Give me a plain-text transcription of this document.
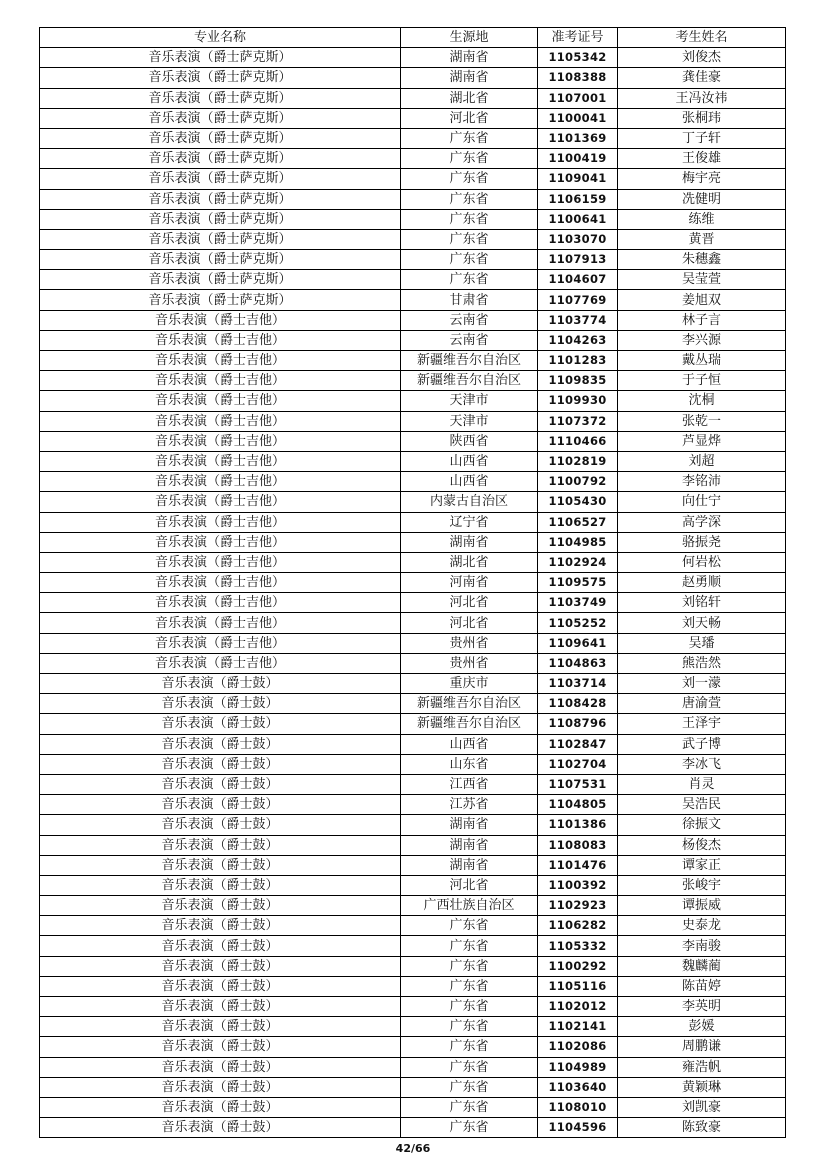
专业名称	生源地	准考证号	考生姓名
音乐表演（爵士萨克斯）	湖南省	1105342	刘俊杰
音乐表演（爵士萨克斯）	湖南省	1108388	龚佳豪
音乐表演（爵士萨克斯）	湖北省	1107001	王冯汝祎
音乐表演（爵士萨克斯）	河北省	1100041	张桐玮
音乐表演（爵士萨克斯）	广东省	1101369	丁子轩
音乐表演（爵士萨克斯）	广东省	1100419	王俊雄
音乐表演（爵士萨克斯）	广东省	1109041	梅宇亮
音乐表演（爵士萨克斯）	广东省	1106159	冼健明
音乐表演（爵士萨克斯）	广东省	1100641	练维
音乐表演（爵士萨克斯）	广东省	1103070	黄晋
音乐表演（爵士萨克斯）	广东省	1107913	朱穗鑫
音乐表演（爵士萨克斯）	广东省	1104607	吴莹萱
音乐表演（爵士萨克斯）	甘肃省	1107769	姜旭双
音乐表演（爵士吉他）	云南省	1103774	林子言
音乐表演（爵士吉他）	云南省	1104263	李兴源
音乐表演（爵士吉他）	新疆维吾尔自治区	1101283	戴丛瑞
音乐表演（爵士吉他）	新疆维吾尔自治区	1109835	于子恒
音乐表演（爵士吉他）	天津市	1109930	沈桐
音乐表演（爵士吉他）	天津市	1107372	张乾一
音乐表演（爵士吉他）	陕西省	1110466	芦显烨
音乐表演（爵士吉他）	山西省	1102819	刘超
音乐表演（爵士吉他）	山西省	1100792	李铭沛
音乐表演（爵士吉他）	内蒙古自治区	1105430	向仕宁
音乐表演（爵士吉他）	辽宁省	1106527	高学深
音乐表演（爵士吉他）	湖南省	1104985	骆振尧
音乐表演（爵士吉他）	湖北省	1102924	何岩松
音乐表演（爵士吉他）	河南省	1109575	赵勇顺
音乐表演（爵士吉他）	河北省	1103749	刘铭轩
音乐表演（爵士吉他）	河北省	1105252	刘天畅
音乐表演（爵士吉他）	贵州省	1109641	吴璠
音乐表演（爵士吉他）	贵州省	1104863	熊浩然
音乐表演（爵士鼓）	重庆市	1103714	刘一濛
音乐表演（爵士鼓）	新疆维吾尔自治区	1108428	唐渝萱
音乐表演（爵士鼓）	新疆维吾尔自治区	1108796	王泽宇
音乐表演（爵士鼓）	山西省	1102847	武子博
音乐表演（爵士鼓）	山东省	1102704	李冰飞
音乐表演（爵士鼓）	江西省	1107531	肖灵
音乐表演（爵士鼓）	江苏省	1104805	吴浩民
音乐表演（爵士鼓）	湖南省	1101386	徐振文
音乐表演（爵士鼓）	湖南省	1108083	杨俊杰
音乐表演（爵士鼓）	湖南省	1101476	谭家正
音乐表演（爵士鼓）	河北省	1100392	张峻宇
音乐表演（爵士鼓）	广西壮族自治区	1102923	谭振威
音乐表演（爵士鼓）	广东省	1106282	史泰龙
音乐表演（爵士鼓）	广东省	1105332	李南骏
音乐表演（爵士鼓）	广东省	1100292	魏麟蔺
音乐表演（爵士鼓）	广东省	1105116	陈苗婷
音乐表演（爵士鼓）	广东省	1102012	李英明
音乐表演（爵士鼓）	广东省	1102141	彭媛
音乐表演（爵士鼓）	广东省	1102086	周鹏谦
音乐表演（爵士鼓）	广东省	1104989	雍浩帆
音乐表演（爵士鼓）	广东省	1103640	黄颖琳
音乐表演（爵士鼓）	广东省	1108010	刘凯豪
音乐表演（爵士鼓）	广东省	1104596	陈致豪
42/66
